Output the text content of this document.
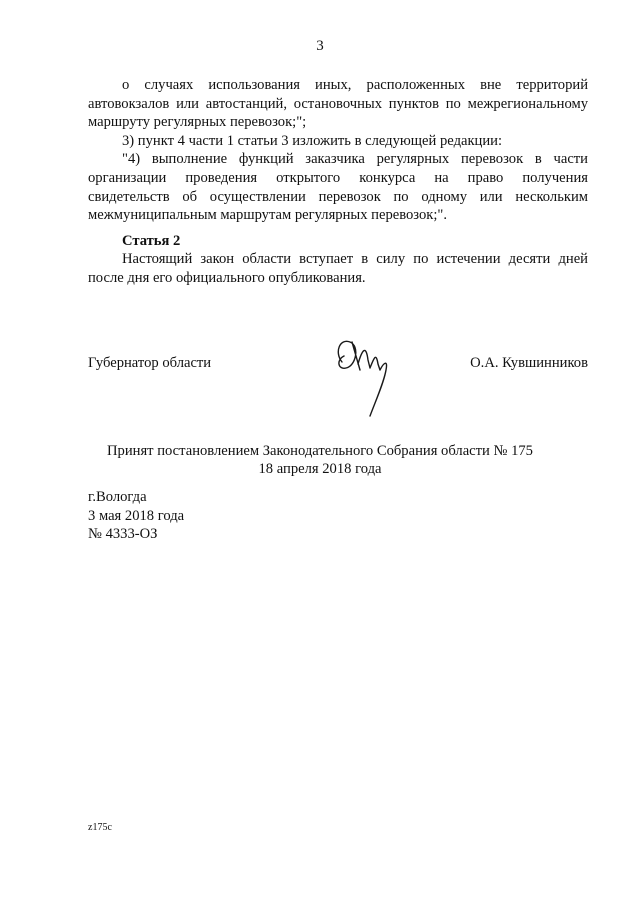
3
о случаях использования иных, расположенных вне территорий
автовокзалов или автостанций, остановочных пунктов по межрегиональному
маршруту регулярных перевозок;";
3) пункт 4 части 1 статьи 3 изложить в следующей редакции:
"4) выполнение функций заказчика регулярных перевозок в части
организации проведения открытого конкурса на право получения
свидетельств об осуществлении перевозок по одному или нескольким
межмуниципальным маршрутам регулярных перевозок;".
Статья 2
Настоящий закон области вступает в силу по истечении десяти дней
после дня его официального опубликования.
Губернатор области	О.А. Кувшинников
Принят постановлением Законодательного Собрания области № 175
18 апреля 2018 года
г.Вологда
3 мая 2018 года
№ 4333-ОЗ
z175c
